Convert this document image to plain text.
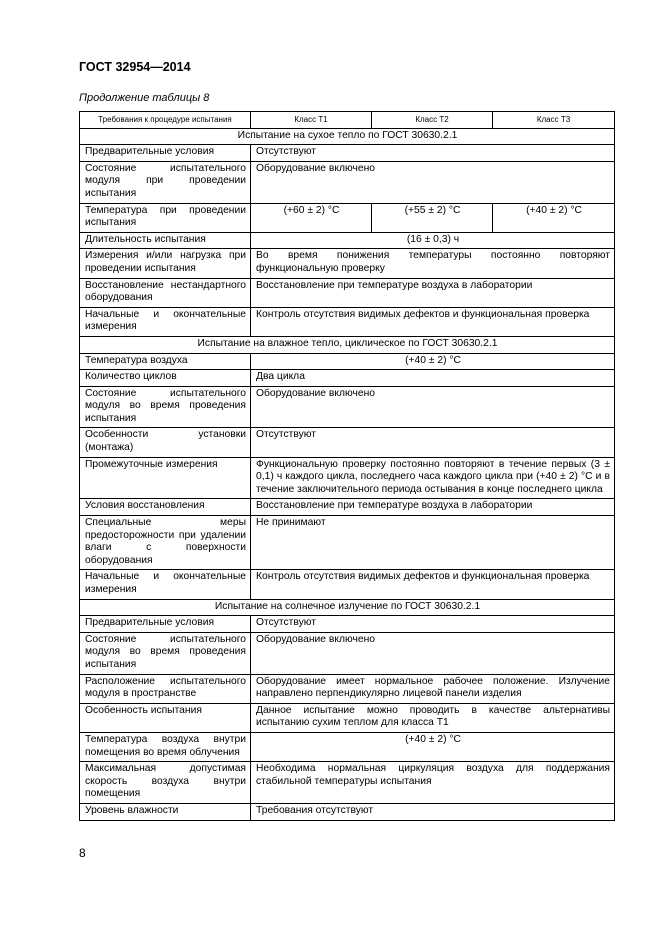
ГОСТ 32954—2014
Продолжение таблицы 8
Требования к процедуре испытания	Класс Т1	Класс Т2	Класс Т3
Испытание на сухое тепло по ГОСТ 30630.2.1			
Предварительные условия	Отсутствуют		
Состояние испытательного модуля при проведении испытания	Оборудование включено		
Температура при проведении испытания	(+60 ± 2) °С	(+55 ± 2) °С	(+40 ± 2) °С
Длительность испытания	(16 ± 0,3) ч		
Измерения и/или нагрузка при проведении испытания	Во время понижения температуры постоянно повторяют функциональную проверку		
Восстановление нестандартного оборудования	Восстановление при температуре воздуха в лаборатории		
Начальные и окончательные измерения	Контроль отсутствия видимых дефектов и функциональная проверка		
Испытание на влажное тепло, циклическое по ГОСТ 30630.2.1			
Температура воздуха	(+40 ± 2) °С		
Количество циклов	Два цикла		
Состояние испытательного модуля во время проведения испытания	Оборудование включено		
Особенности установки (монтажа)	Отсутствуют		
Промежуточные измерения	Функциональную проверку постоянно повторяют в течение первых (3 ± 0,1) ч каждого цикла, последнего часа каждого цикла при (+40 ± 2) °С и в течение заключительного периода остывания в конце последнего цикла		
Условия восстановления	Восстановление при температуре воздуха в лаборатории		
Специальные меры предосторожности при удалении влаги с поверхности оборудования	Не принимают		
Начальные и окончательные измерения	Контроль отсутствия видимых дефектов и функциональная проверка		
Испытание на солнечное излучение по ГОСТ 30630.2.1			
Предварительные условия	Отсутствуют		
Состояние испытательного модуля во время проведения испытания	Оборудование включено		
Расположение испытательного модуля в пространстве	Оборудование имеет нормальное рабочее положение. Излучение направлено перпендикулярно лицевой панели изделия		
Особенность испытания	Данное испытание можно проводить в качестве альтернативы испытанию сухим теплом для класса Т1		
Температура воздуха внутри помещения во время облучения	(+40 ± 2) °С		
Максимальная допустимая скорость воздуха внутри помещения	Необходима нормальная циркуляция воздуха для поддержания стабильной температуры испытания		
Уровень влажности	Требования отсутствуют		
8
